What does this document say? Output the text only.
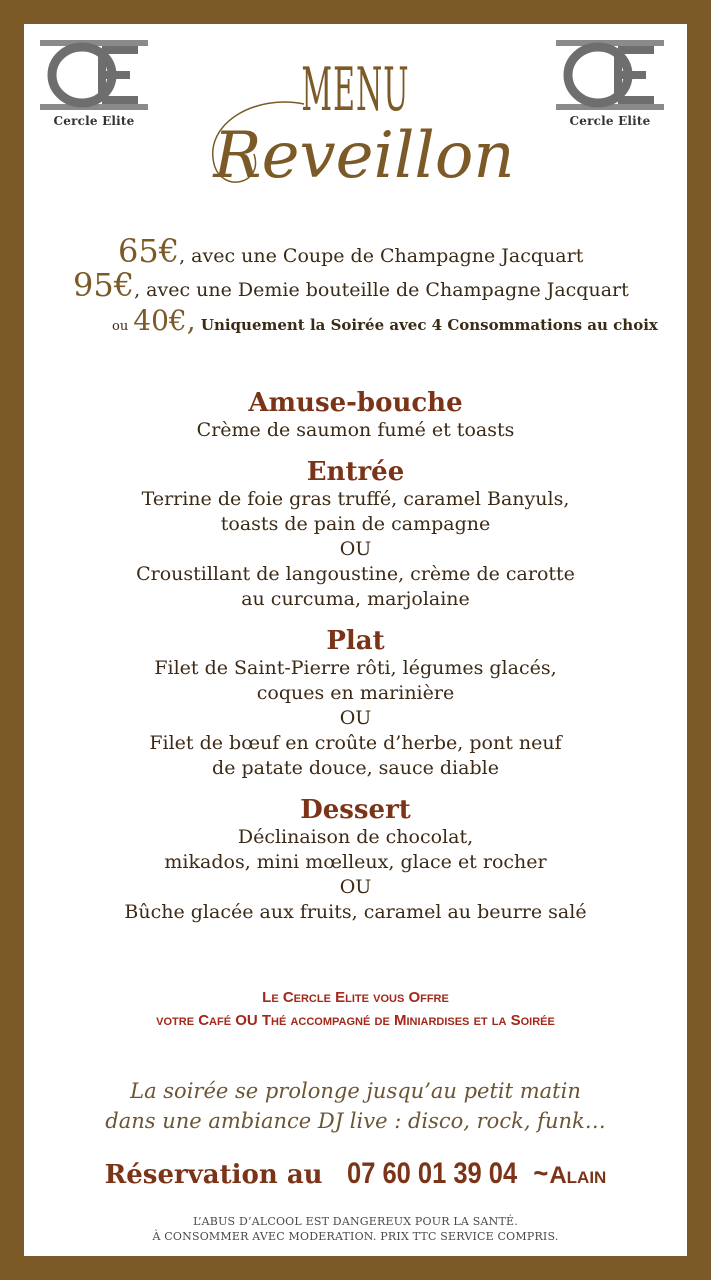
Cercle Elite	Cercle Elite
MENU
Reveillon
65€, avec une Coupe de Champagne Jacquart
95€, avec une Demie bouteille de Champagne Jacquart
ou 40€, Uniquement la Soirée avec 4 Consommations au choix
Amuse-bouche
Crème de saumon fumé et toasts
Entrée
Terrine de foie gras truffé, caramel Banyuls,
toasts de pain de campagne
OU
Croustillant de langoustine, crème de carotte
au curcuma, marjolaine
Plat
Filet de Saint-Pierre rôti, légumes glacés,
coques en marinière
OU
Filet de bœuf en croûte d’herbe, pont neuf
de patate douce, sauce diable
Dessert
Déclinaison de chocolat,
mikados, mini mœlleux, glace et rocher
OU
Bûche glacée aux fruits, caramel au beurre salé
Le Cercle Elite vous Offre
votre Café OU Thé accompagné de Miniardises et la Soirée
La soirée se prolonge jusqu’au petit matin
dans une ambiance DJ live : disco, rock, funk…
Réservation au 07 60 01 39 04~Alain
L’ABUS D’ALCOOL EST DANGEREUX POUR LA SANTÉ.
À CONSOMMER AVEC MODERATION. PRIX TTC SERVICE COMPRIS.
